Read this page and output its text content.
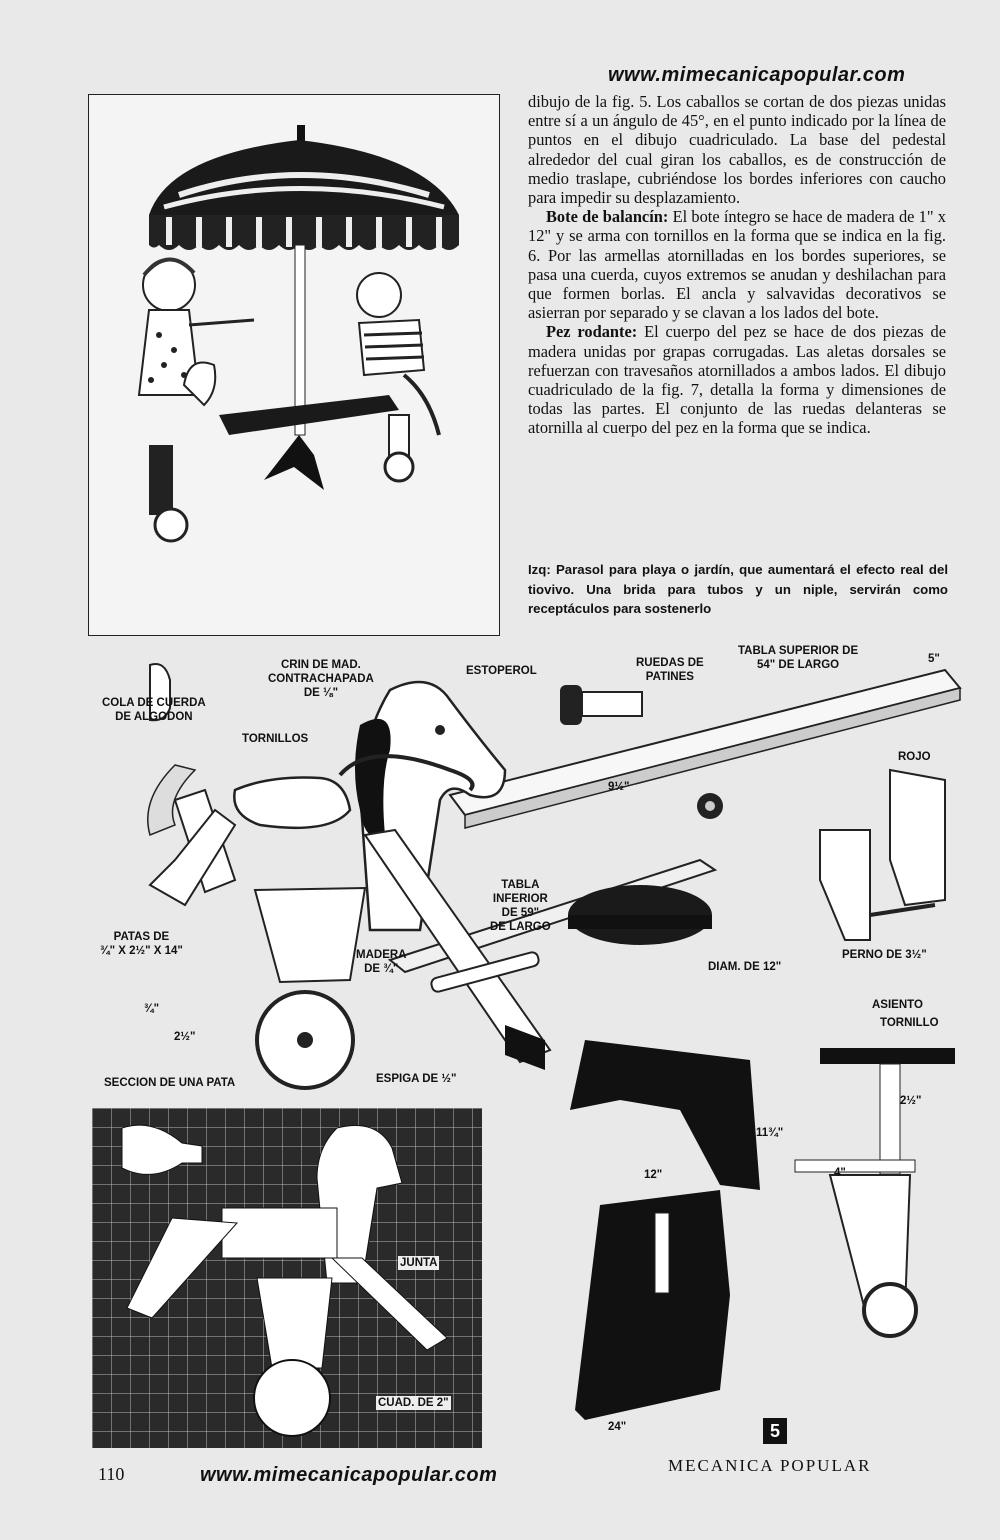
www.mimecanicapopular.com

dibujo de la fig. 5. Los caballos se cortan de dos piezas unidas entre sí a un ángulo de 45°, en el punto indicado por la línea de puntos en el dibujo cuadriculado. La base del pedestal alrededor del cual giran los caballos, es de construcción de medio traslape, cubriéndose los bordes inferiores con caucho para impedir su desplazamiento.

Bote de balancín: El bote íntegro se hace de madera de 1" x 12" y se arma con tornillos en la forma que se indica en la fig. 6. Por las armellas atornilladas en los bordes superiores, se pasa una cuerda, cuyos extremos se anudan y deshilachan para que formen borlas. El ancla y salvavidas decorativos se asierran por separado y se clavan a los lados del bote.

Pez rodante: El cuerpo del pez se hace de dos piezas de madera unidas por grapas corrugadas. Las aletas dorsales se refuerzan con travesaños atornillados a ambos lados. El dibujo cuadriculado de la fig. 7, detalla la forma y dimensiones de todas las partes. El conjunto de las ruedas delanteras se atornilla al cuerpo del pez en la forma que se indica.

Izq: Parasol para playa o jardín, que aumentará el efecto real del tiovivo. Una brida para tubos y un niple, servirán como receptáculos para sostenerlo
5
CRIN DE MAD.
CONTRACHAPADA
DE ⅛"
ESTOPEROL
RUEDAS DE
PATINES
TABLA SUPERIOR DE
54" DE LARGO	5"
COLA DE CUERDA
DE ALGODON
TORNILLOS
ROJO
9½"
TABLA
INFERIOR
DE 59"
DE LARGO
PATAS DE
¾" X 2½" X 14"	MADERA
DE ¾"	DIAM. DE 12"
PERNO DE 3½"
¾"
2½"
SECCION DE UNA PATA	ESPIGA DE ½"
ASIENTO
TORNILLO
2½"
11¾"
4"
12"
JUNTA
CUAD. DE 2"
24"
110	www.mimecanicapopular.com	MECANICA POPULAR
